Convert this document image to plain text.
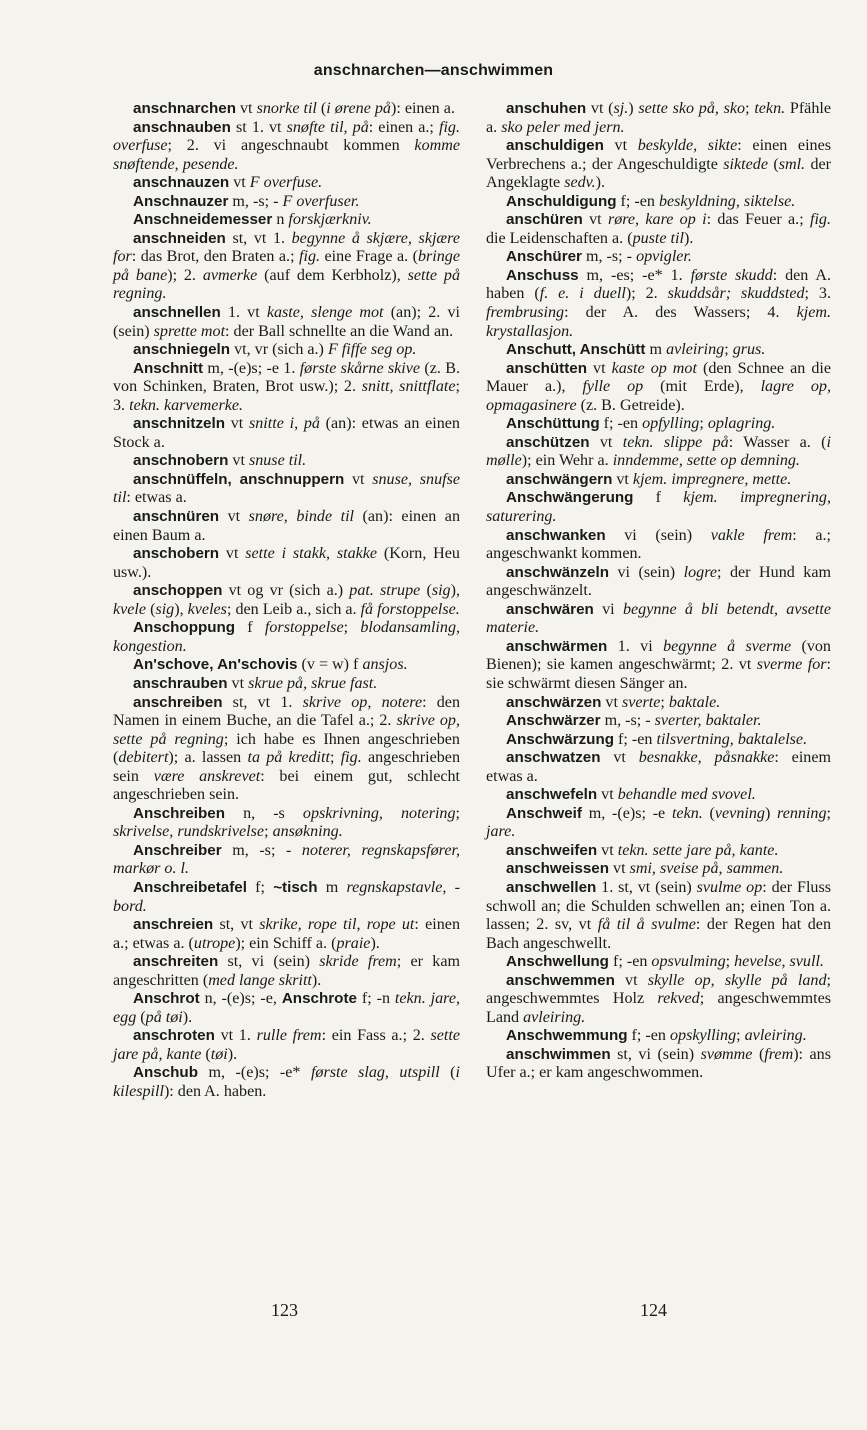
anschnarchen—anschwimmen

anschnarchen vt snorke til (i ørene på): einen a.

anschnauben st 1. vt snøfte til, på: einen a.; fig. overfuse; 2. vi angeschnaubt kommen komme snøftende, pesende.

anschnauzen vt F overfuse.

Anschnauzer m, -s; - F overfuser.

Anschneidemesser n forskjærkniv.

anschneiden st, vt 1. begynne å skjære, skjære for: das Brot, den Braten a.; fig. eine Frage a. (bringe på bane); 2. avmerke (auf dem Kerbholz), sette på regning.

anschnellen 1. vt kaste, slenge mot (an); 2. vi (sein) sprette mot: der Ball schnellte an die Wand an.

anschniegeln vt, vr (sich a.) F fiffe seg op.

Anschnitt m, -(e)s; -e 1. første skårne skive (z. B. von Schinken, Braten, Brot usw.); 2. snitt, snittflate; 3. tekn. karvemerke.

anschnitzeln vt snitte i, på (an): etwas an einen Stock a.

anschnobern vt snuse til.

anschnüffeln, anschnuppern vt snuse, snufse til: etwas a.

anschnüren vt snøre, binde til (an): einen an einen Baum a.

anschobern vt sette i stakk, stakke (Korn, Heu usw.).

anschoppen vt og vr (sich a.) pat. strupe (sig), kvele (sig), kveles; den Leib a., sich a. få forstoppelse.

Anschoppung f forstoppelse; blodansamling, kongestion.

An'schove, An'schovis (v = w) f ansjos.

anschrauben vt skrue på, skrue fast.

anschreiben st, vt 1. skrive op, notere: den Namen in einem Buche, an die Tafel a.; 2. skrive op, sette på regning; ich habe es Ihnen angeschrieben (debitert); a. lassen ta på kreditt; fig. angeschrieben sein være anskrevet: bei einem gut, schlecht angeschrieben sein.

Anschreiben n, -s opskrivning, notering; skrivelse, rundskrivelse; ansøkning.

Anschreiber m, -s; - noterer, regnskapsfører, markør o. l.

Anschreibetafel f; ~tisch m regnskapstavle, -bord.

anschreien st, vt skrike, rope til, rope ut: einen a.; etwas a. (utrope); ein Schiff a. (praie).

anschreiten st, vi (sein) skride frem; er kam angeschritten (med lange skritt).

Anschrot n, -(e)s; -e, Anschrote f; -n tekn. jare, egg (på tøi).

anschroten vt 1. rulle frem: ein Fass a.; 2. sette jare på, kante (tøi).

Anschub m, -(e)s; -e* første slag, utspill (i kilespill): den A. haben.

anschuhen vt (sj.) sette sko på, sko; tekn. Pfähle a. sko peler med jern.

anschuldigen vt beskylde, sikte: einen eines Verbrechens a.; der Angeschuldigte siktede (sml. der Angeklagte sedv.).

Anschuldigung f; -en beskyldning, siktelse.

anschüren vt røre, kare op i: das Feuer a.; fig. die Leidenschaften a. (puste til).

Anschürer m, -s; - opvigler.

Anschuss m, -es; -e* 1. første skudd: den A. haben (f. e. i duell); 2. skuddsår; skuddsted; 3. frembrusing: der A. des Wassers; 4. kjem. krystallasjon.

Anschutt, Anschütt m avleiring; grus.

anschütten vt kaste op mot (den Schnee an die Mauer a.), fylle op (mit Erde), lagre op, opmagasinere (z. B. Getreide).

Anschüttung f; -en opfylling; oplagring.

anschützen vt tekn. slippe på: Wasser a. (i mølle); ein Wehr a. inndemme, sette op demning.

anschwängern vt kjem. impregnere, mette.

Anschwängerung f kjem. impregnering, saturering.

anschwanken vi (sein) vakle frem: a.; angeschwankt kommen.

anschwänzeln vi (sein) logre; der Hund kam angeschwänzelt.

anschwären vi begynne å bli betendt, avsette materie.

anschwärmen 1. vi begynne å sverme (von Bienen); sie kamen angeschwärmt; 2. vt sverme for: sie schwärmt diesen Sänger an.

anschwärzen vt sverte; baktale.

Anschwärzer m, -s; - sverter, baktaler.

Anschwärzung f; -en tilsvertning, baktalelse.

anschwatzen vt besnakke, påsnakke: einem etwas a.

anschwefeln vt behandle med svovel.

Anschweif m, -(e)s; -e tekn. (vevning) renning; jare.

anschweifen vt tekn. sette jare på, kante.

anschweissen vt smi, sveise på, sammen.

anschwellen 1. st, vt (sein) svulme op: der Fluss schwoll an; die Schulden schwellen an; einen Ton a. lassen; 2. sv, vt få til å svulme: der Regen hat den Bach angeschwellt.

Anschwellung f; -en opsvulming; hevelse, svull.

anschwemmen vt skylle op, skylle på land; angeschwemmtes Holz rekved; angeschwemmtes Land avleiring.

Anschwemmung f; -en opskylling; avleiring.

anschwimmen st, vi (sein) svømme (frem): ans Ufer a.; er kam angeschwommen.

123	124
